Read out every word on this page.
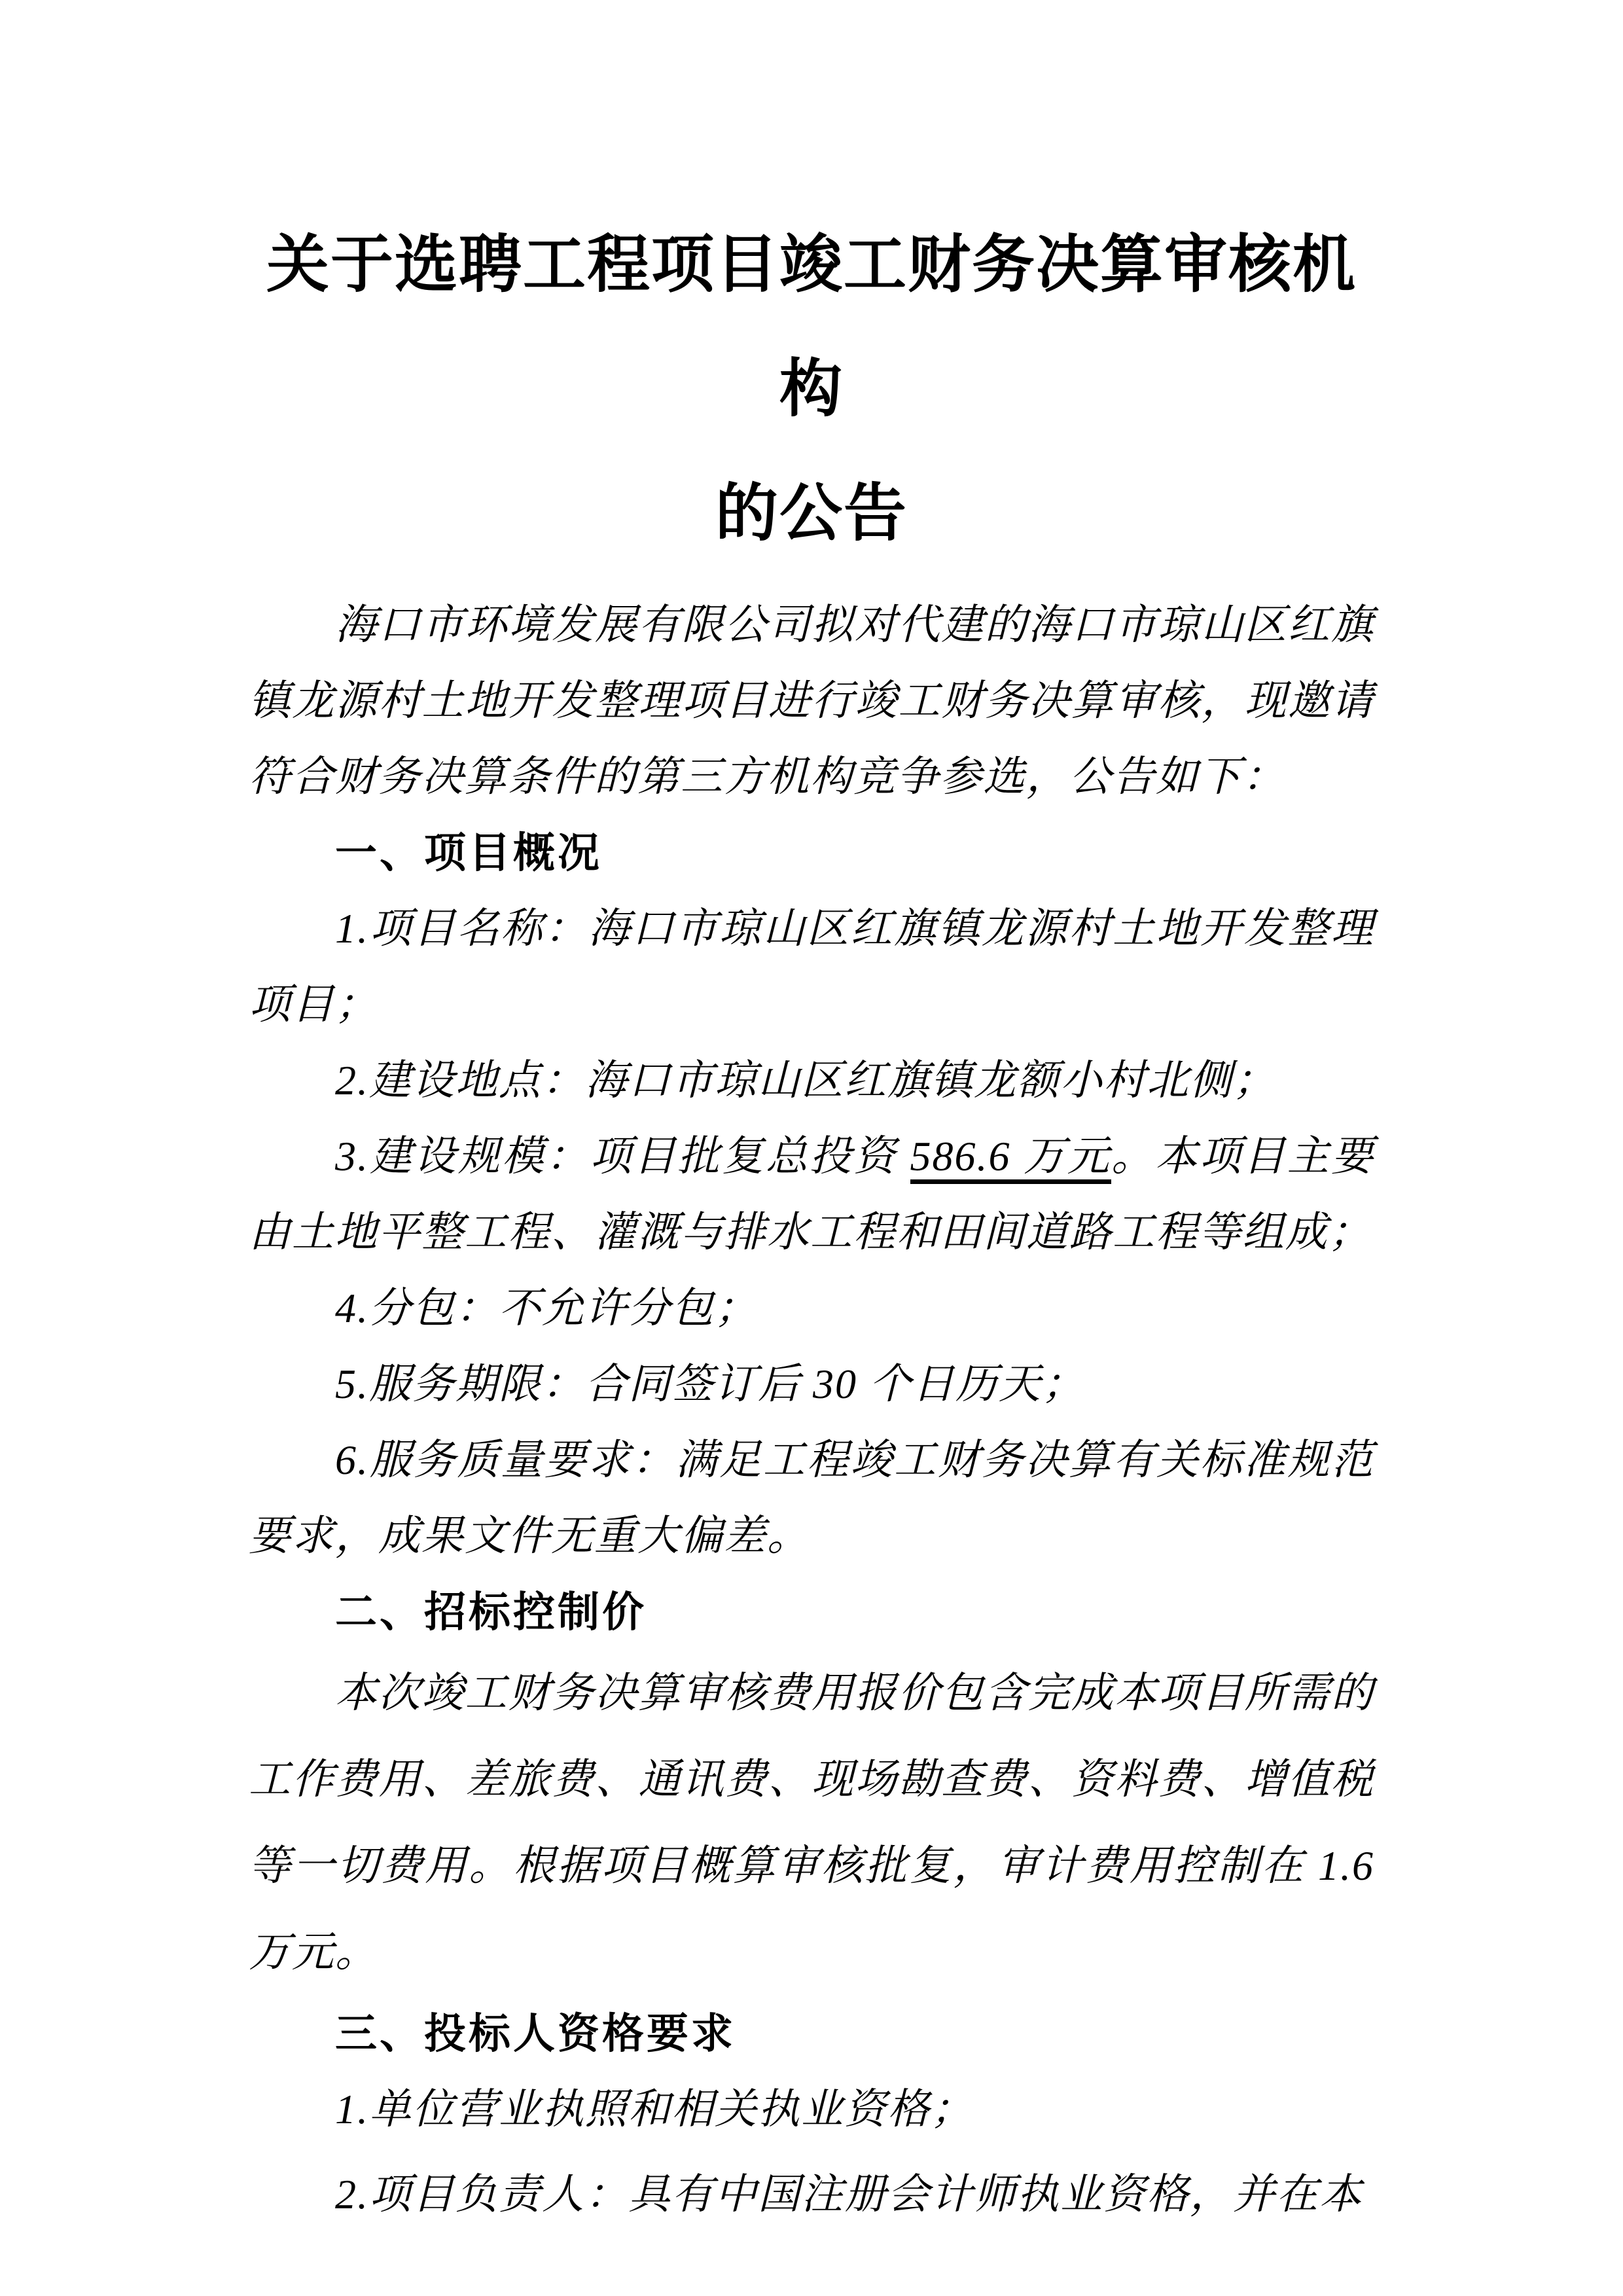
关于选聘工程项目竣工财务决算审核机构
的公告

海口市环境发展有限公司拟对代建的海口市琼山区红旗镇龙源村土地开发整理项目进行竣工财务决算审核，现邀请符合财务决算条件的第三方机构竞争参选，公告如下：

一、项目概况

1.项目名称：海口市琼山区红旗镇龙源村土地开发整理项目；

2.建设地点：海口市琼山区红旗镇龙额小村北侧；

3.建设规模：项目批复总投资 586.6 万元。本项目主要由土地平整工程、灌溉与排水工程和田间道路工程等组成；

4.分包：不允许分包；

5.服务期限：合同签订后 30 个日历天；

6.服务质量要求：满足工程竣工财务决算有关标准规范要求，成果文件无重大偏差。

二、招标控制价

本次竣工财务决算审核费用报价包含完成本项目所需的工作费用、差旅费、通讯费、现场勘查费、资料费、增值税等一切费用。根据项目概算审核批复，审计费用控制在 1.6 万元。

三、投标人资格要求

1.单位营业执照和相关执业资格；

2.项目负责人：具有中国注册会计师执业资格，并在本
